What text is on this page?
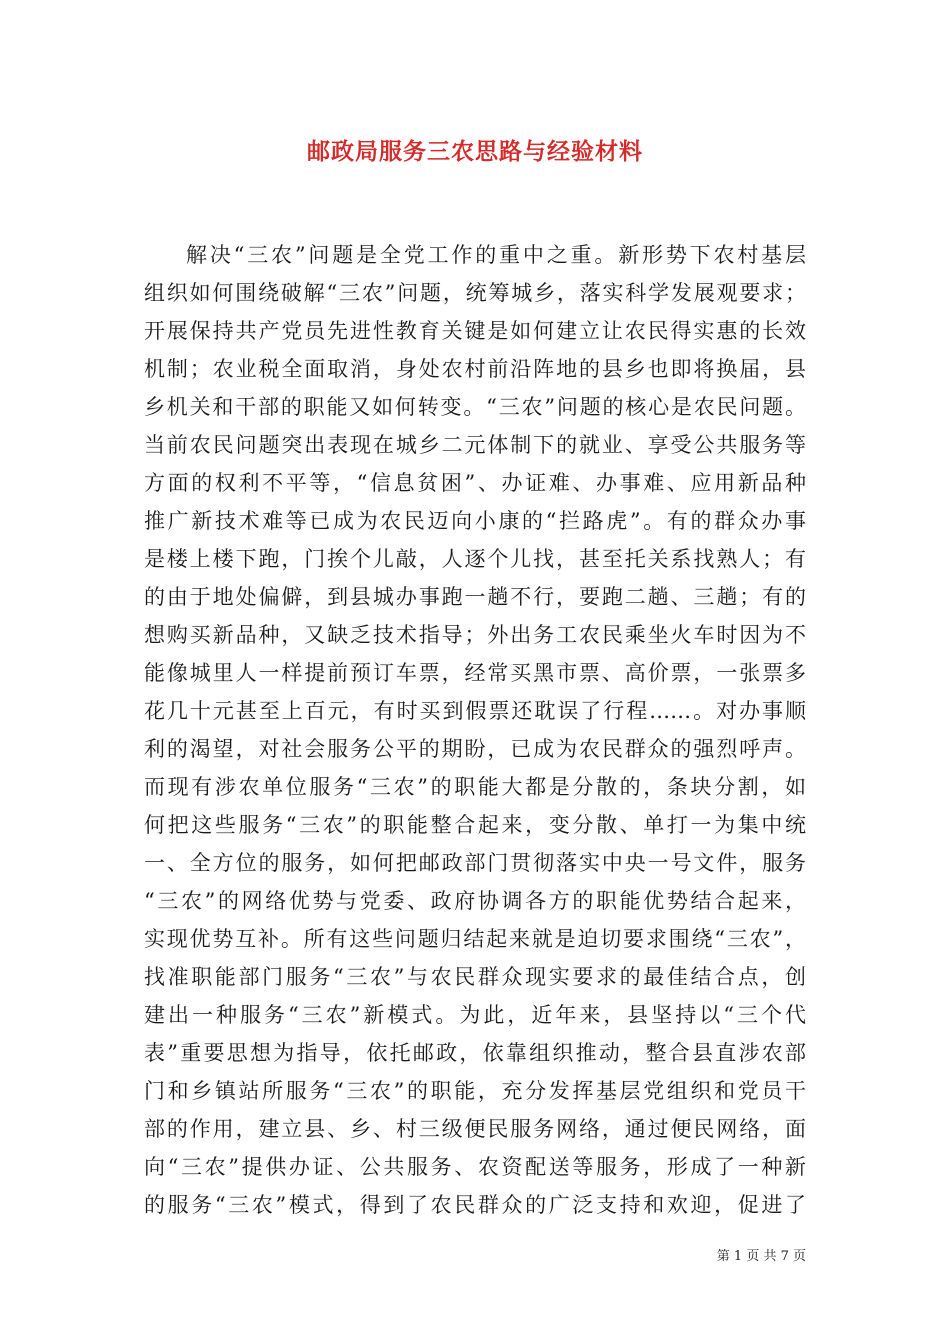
邮政局服务三农思路与经验材料
解决“三农”问题是全党工作的重中之重。新形势下农村基层
组织如何围绕破解“三农”问题，统筹城乡，落实科学发展观要求；
开展保持共产党员先进性教育关键是如何建立让农民得实惠的长效
机制；农业税全面取消，身处农村前沿阵地的县乡也即将换届，县
乡机关和干部的职能又如何转变。“三农”问题的核心是农民问题。
当前农民问题突出表现在城乡二元体制下的就业、享受公共服务等
方面的权利不平等，“信息贫困”、办证难、办事难、应用新品种
推广新技术难等已成为农民迈向小康的“拦路虎”。有的群众办事
是楼上楼下跑，门挨个儿敲，人逐个儿找，甚至托关系找熟人；有
的由于地处偏僻，到县城办事跑一趟不行，要跑二趟、三趟；有的
想购买新品种，又缺乏技术指导；外出务工农民乘坐火车时因为不
能像城里人一样提前预订车票，经常买黑市票、高价票，一张票多
花几十元甚至上百元，有时买到假票还耽误了行程……。对办事顺
利的渴望，对社会服务公平的期盼，已成为农民群众的强烈呼声。
而现有涉农单位服务“三农”的职能大都是分散的，条块分割，如
何把这些服务“三农”的职能整合起来，变分散、单打一为集中统
一、全方位的服务，如何把邮政部门贯彻落实中央一号文件，服务
“三农”的网络优势与党委、政府协调各方的职能优势结合起来，
实现优势互补。所有这些问题归结起来就是迫切要求围绕“三农”，
找准职能部门服务“三农”与农民群众现实要求的最佳结合点，创
建出一种服务“三农”新模式。为此，近年来，县坚持以“三个代
表”重要思想为指导，依托邮政，依靠组织推动，整合县直涉农部
门和乡镇站所服务“三农”的职能，充分发挥基层党组织和党员干
部的作用，建立县、乡、村三级便民服务网络，通过便民网络，面
向“三农”提供办证、公共服务、农资配送等服务，形成了一种新
的服务“三农”模式，得到了农民群众的广泛支持和欢迎，促进了
第 1 页 共 7 页
